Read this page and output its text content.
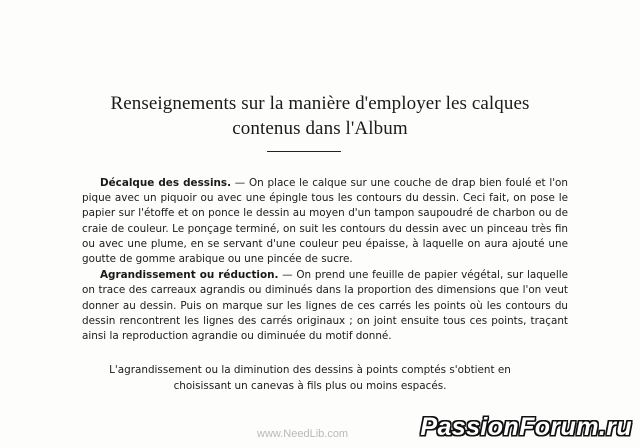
Renseignements sur la manière d'employer les calques
contenus dans l'Album

Décalque des dessins. — On place le calque sur une couche de drap bien foulé et l'on pique avec un piquoir ou avec une épingle tous les contours du dessin. Ceci fait, on pose le papier sur l'étoffe et on ponce le dessin au moyen d'un tampon saupoudré de charbon ou de craie de couleur. Le ponçage terminé, on suit les contours du dessin avec un pinceau très fin ou avec une plume, en se servant d'une couleur peu épaisse, à laquelle on aura ajouté une goutte de gomme arabique ou une pincée de sucre.

Agrandissement ou réduction. — On prend une feuille de papier végétal, sur laquelle on trace des carreaux agrandis ou diminués dans la proportion des dimensions que l'on veut donner au dessin. Puis on marque sur les lignes de ces carrés les points où les contours du dessin rencontrent les lignes des carrés originaux ; on joint ensuite tous ces points, traçant ainsi la reproduction agrandie ou diminuée du motif donné.

L'agrandissement ou la diminution des dessins à points comptés s'obtient en
choisissant un canevas à fils plus ou moins espacés.
www.NeedLib.com	PassionForum.ru
